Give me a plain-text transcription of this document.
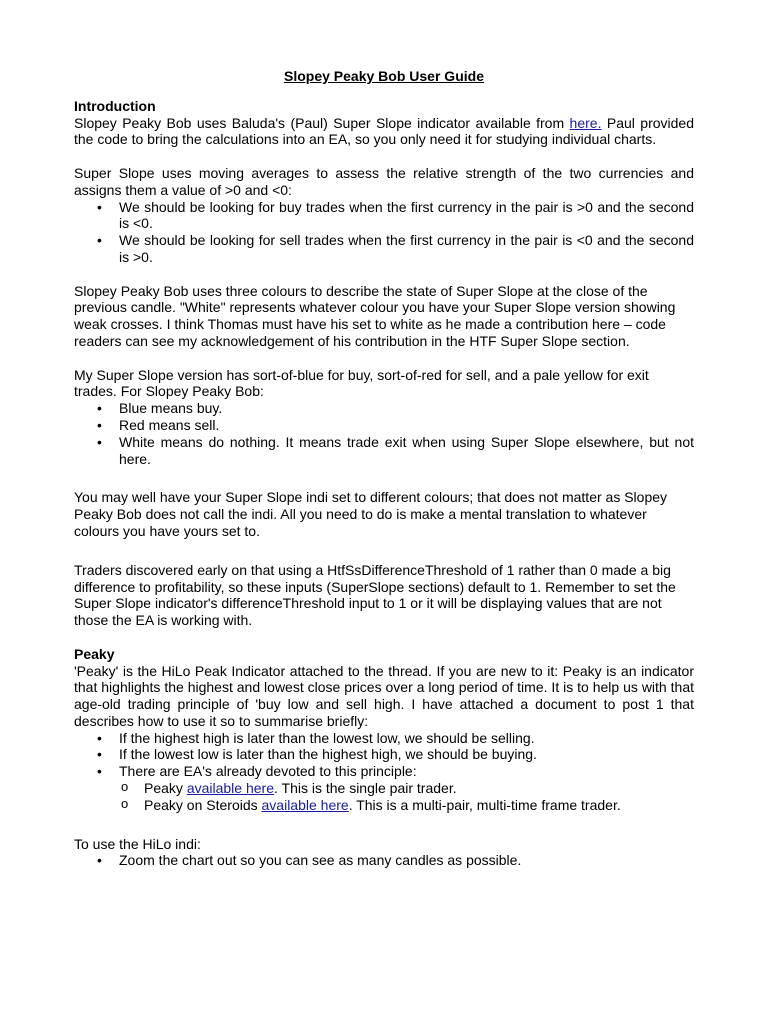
Slopey Peaky Bob User Guide

Introduction

Slopey Peaky Bob uses Baluda's (Paul) Super Slope indicator available from here. Paul provided the code to bring the calculations into an EA, so you only need it for studying individual charts.

Super Slope uses moving averages to assess the relative strength of the two currencies and assigns them a value of >0 and <0:

• We should be looking for buy trades when the first currency in the pair is >0 and the second is <0.
• We should be looking for sell trades when the first currency in the pair is <0 and the second is >0.

Slopey Peaky Bob uses three colours to describe the state of Super Slope at the close of the previous candle. "White" represents whatever colour you have your Super Slope version showing weak crosses. I think Thomas must have his set to white as he made a contribution here – code readers can see my acknowledgement of his contribution in the HTF Super Slope section.

My Super Slope version has sort-of-blue for buy, sort-of-red for sell, and a pale yellow for exit trades. For Slopey Peaky Bob:

• Blue means buy.
• Red means sell.
• White means do nothing. It means trade exit when using Super Slope elsewhere, but not here.

You may well have your Super Slope indi set to different colours; that does not matter as Slopey Peaky Bob does not call the indi. All you need to do is make a mental translation to whatever colours you have yours set to.

Traders discovered early on that using a HtfSsDifferenceThreshold of 1 rather than 0 made a big difference to profitability, so these inputs (SuperSlope sections) default to 1. Remember to set the Super Slope indicator's differenceThreshold input to 1 or it will be displaying values that are not those the EA is working with.

Peaky

'Peaky' is the HiLo Peak Indicator attached to the thread. If you are new to it: Peaky is an indicator that highlights the highest and lowest close prices over a long period of time. It is to help us with that age-old trading principle of 'buy low and sell high. I have attached a document to post 1 that describes how to use it so to summarise briefly:

• If the highest high is later than the lowest low, we should be selling.
• If the lowest low is later than the highest high, we should be buying.
• There are EA's already devoted to this principle:
o Peaky available here. This is the single pair trader.
o Peaky on Steroids available here. This is a multi-pair, multi-time frame trader.

To use the HiLo indi:

• Zoom the chart out so you can see as many candles as possible.
